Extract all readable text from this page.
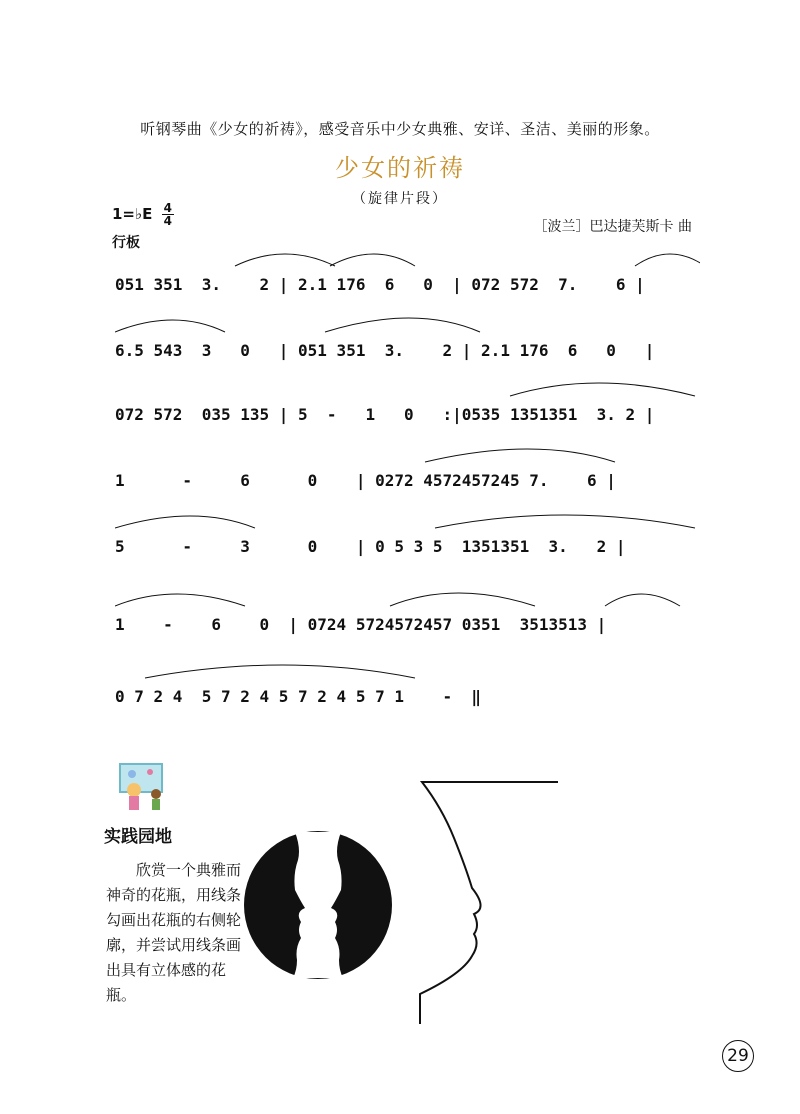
听钢琴曲《少女的祈祷》，感受音乐中少女典雅、安详、圣洁、美丽的形象。
少女的祈祷
（旋律片段）
1=♭E $\frac{4}{4}$
行板
［波兰］巴达捷芙斯卡 曲
051 351  3.    2 | 2.1 176  6   0  | 072 572  7.    6 |
6.5 543  3   0   | 051 351  3.    2 | 2.1 176  6   0   |
072 572  035 135 | 5  -   1   0   :|0535 1351351  3. 2 |
1      -     6      0    | 0272 4572457245 7.    6 |
5      -     3      0    | 0 5 3 5  1351351  3.   2 |
1    -    6    0  | 0724 5724572457 0351  3513513 |
0 7 2 4  5 7 2 4 5 7 2 4 5 7 1    -  ‖
实践园地
欣赏一个典雅而神奇的花瓶，用线条勾画出花瓶的右侧轮廓，并尝试用线条画出具有立体感的花瓶。
29
